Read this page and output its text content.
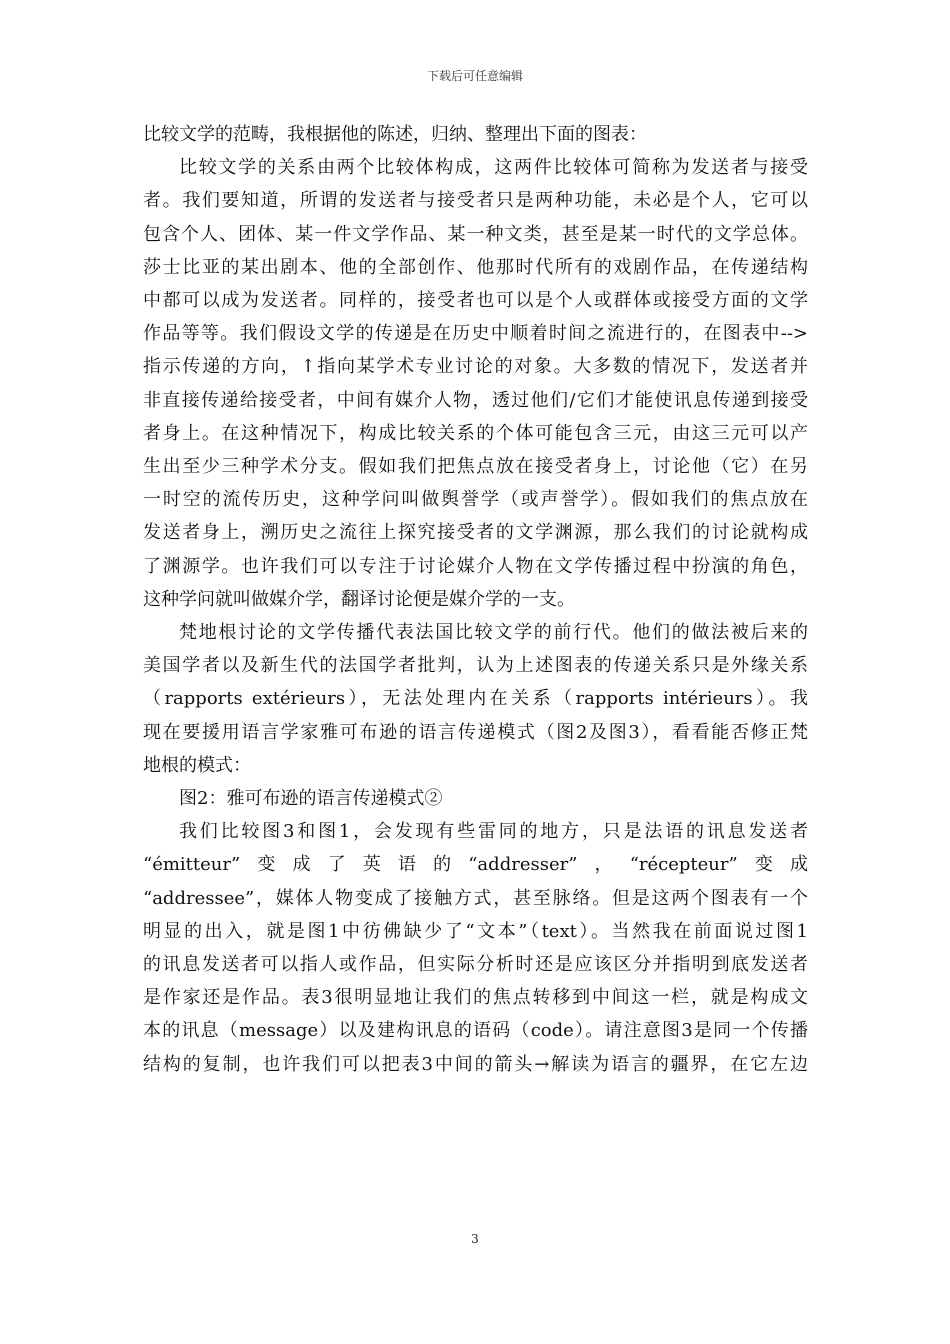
下载后可任意编辑
比较文学的范畴，我根据他的陈述，归纳、整理出下面的图表：
比较文学的关系由两个比较体构成，这两件比较体可简称为发送者与接受
者。我们要知道，所谓的发送者与接受者只是两种功能，未必是个人，它可以
包含个人、团体、某一件文学作品、某一种文类，甚至是某一时代的文学总体。
莎士比亚的某出剧本、他的全部创作、他那时代所有的戏剧作品，在传递结构
中都可以成为发送者。同样的，接受者也可以是个人或群体或接受方面的文学
作品等等。我们假设文学的传递是在历史中顺着时间之流进行的，在图表中-->
指示传递的方向，↑指向某学术专业讨论的对象。大多数的情况下，发送者并
非直接传递给接受者，中间有媒介人物，透过他们/它们才能使讯息传递到接受
者身上。在这种情况下，构成比较关系的个体可能包含三元，由这三元可以产
生出至少三种学术分支。假如我们把焦点放在接受者身上，讨论他（它）在另
一时空的流传历史，这种学问叫做舆誉学（或声誉学）。假如我们的焦点放在
发送者身上，溯历史之流往上探究接受者的文学渊源，那么我们的讨论就构成
了渊源学。也许我们可以专注于讨论媒介人物在文学传播过程中扮演的角色，
这种学问就叫做媒介学，翻译讨论便是媒介学的一支。
梵地根讨论的文学传播代表法国比较文学的前行代。他们的做法被后来的
美国学者以及新生代的法国学者批判，认为上述图表的传递关系只是外缘关系
（rapports extérieurs），无法处理内在关系（rapports intérieurs）。我
现在要援用语言学家雅可布逊的语言传递模式（图2及图3），看看能否修正梵
地根的模式：
图2：雅可布逊的语言传递模式②
我们比较图3和图1，会发现有些雷同的地方，只是法语的讯息发送者
“émitteur”变成了英语的“addresser”，“récepteur”变成
“addressee”，媒体人物变成了接触方式，甚至脉络。但是这两个图表有一个
明显的出入，就是图1中彷佛缺少了“文本”（text）。当然我在前面说过图1
的讯息发送者可以指人或作品，但实际分析时还是应该区分并指明到底发送者
是作家还是作品。表3很明显地让我们的焦点转移到中间这一栏，就是构成文
本的讯息（message）以及建构讯息的语码（code）。请注意图3是同一个传播
结构的复制，也许我们可以把表3中间的箭头→解读为语言的疆界，在它左边
3
